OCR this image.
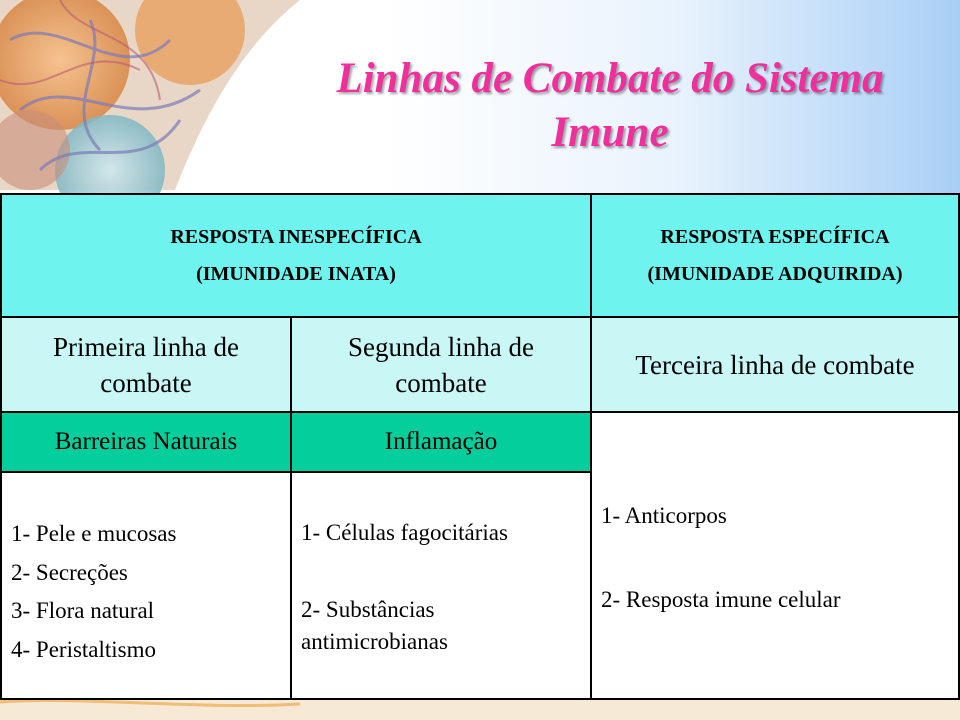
Linhas de Combate do Sistema
Imune
RESPOSTA INESPECÍFICA
(IMUNIDADE INATA)
RESPOSTA ESPECÍFICA
(IMUNIDADE ADQUIRIDA)
Primeira linha de
combate
Segunda linha de
combate
Terceira linha de combate
Barreiras Naturais	Inflamação
1- Pele e mucosas
2- Secreções
3- Flora natural
4- Peristaltismo
1- Células fagocitárias
2- Substâncias
antimicrobianas
1- Anticorpos
2- Resposta imune celular
